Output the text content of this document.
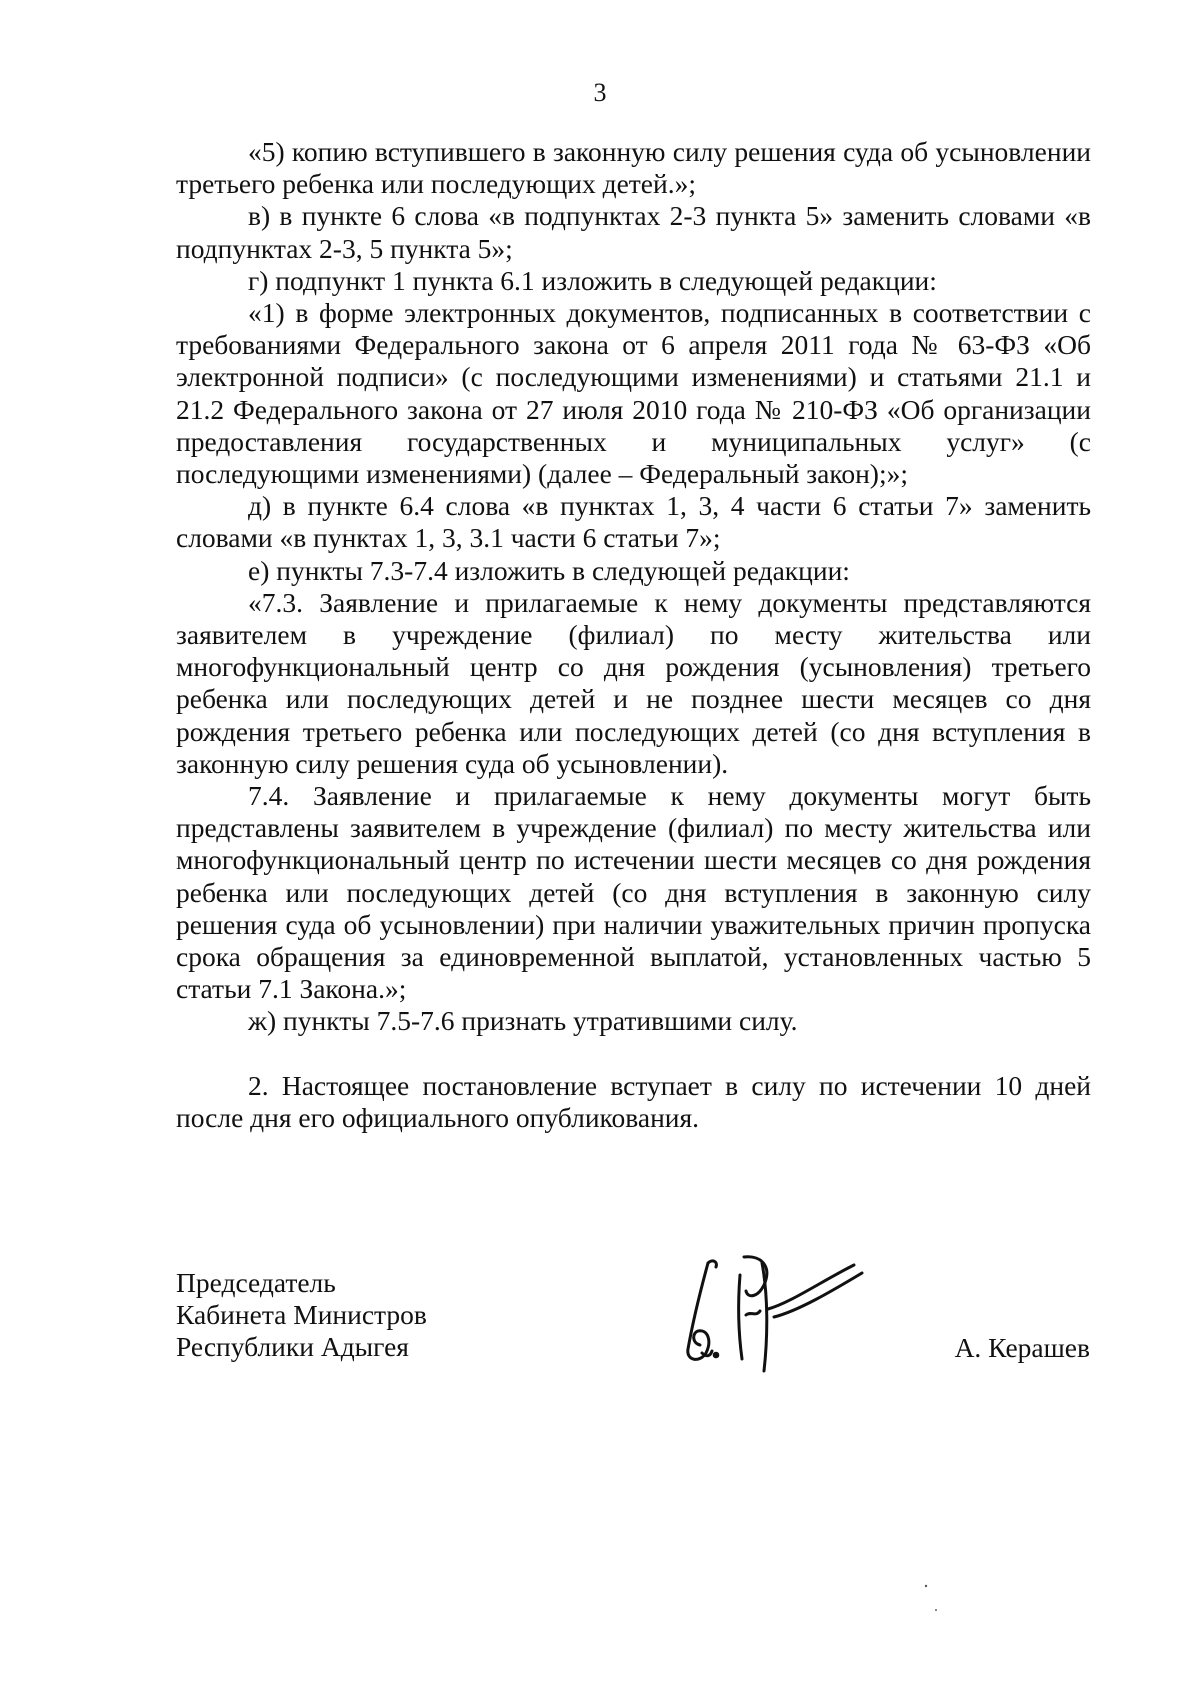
3

«5) копию вступившего в законную силу решения суда об усыновлении третьего ребенка или последующих детей.»;

в) в пункте 6 слова «в подпунктах 2-3 пункта 5» заменить словами «в подпунктах 2-3, 5 пункта 5»;

г) подпункт 1 пункта 6.1 изложить в следующей редакции:

«1) в форме электронных документов, подписанных в соответствии с требованиями Федерального закона от 6 апреля 2011 года № 63-ФЗ «Об электронной подписи» (с последующими изменениями) и статьями 21.1 и 21.2 Федерального закона от 27 июля 2010 года № 210-ФЗ «Об организации предоставления государственных и муниципальных услуг» (с последующими изменениями) (далее – Федеральный закон);»;

д) в пункте 6.4 слова «в пунктах 1, 3, 4 части 6 статьи 7» заменить словами «в пунктах 1, 3, 3.1 части 6 статьи 7»;

е) пункты 7.3-7.4 изложить в следующей редакции:

«7.3. Заявление и прилагаемые к нему документы представляются заявителем в учреждение (филиал) по месту жительства или многофункциональный центр со дня рождения (усыновления) третьего ребенка или последующих детей и не позднее шести месяцев со дня рождения третьего ребенка или последующих детей (со дня вступления в законную силу решения суда об усыновлении).

7.4. Заявление и прилагаемые к нему документы могут быть представлены заявителем в учреждение (филиал) по месту жительства или многофункциональный центр по истечении шести месяцев со дня рождения ребенка или последующих детей (со дня вступления в законную силу решения суда об усыновлении) при наличии уважительных причин пропуска срока обращения за единовременной выплатой, установленных частью 5 статьи 7.1 Закона.»;

ж) пункты 7.5-7.6 признать утратившими силу.

2. Настоящее постановление вступает в силу по истечении 10 дней после дня его официального опубликования.

Председатель
Кабинета Министров
Республики Адыгея	А. Керашев
